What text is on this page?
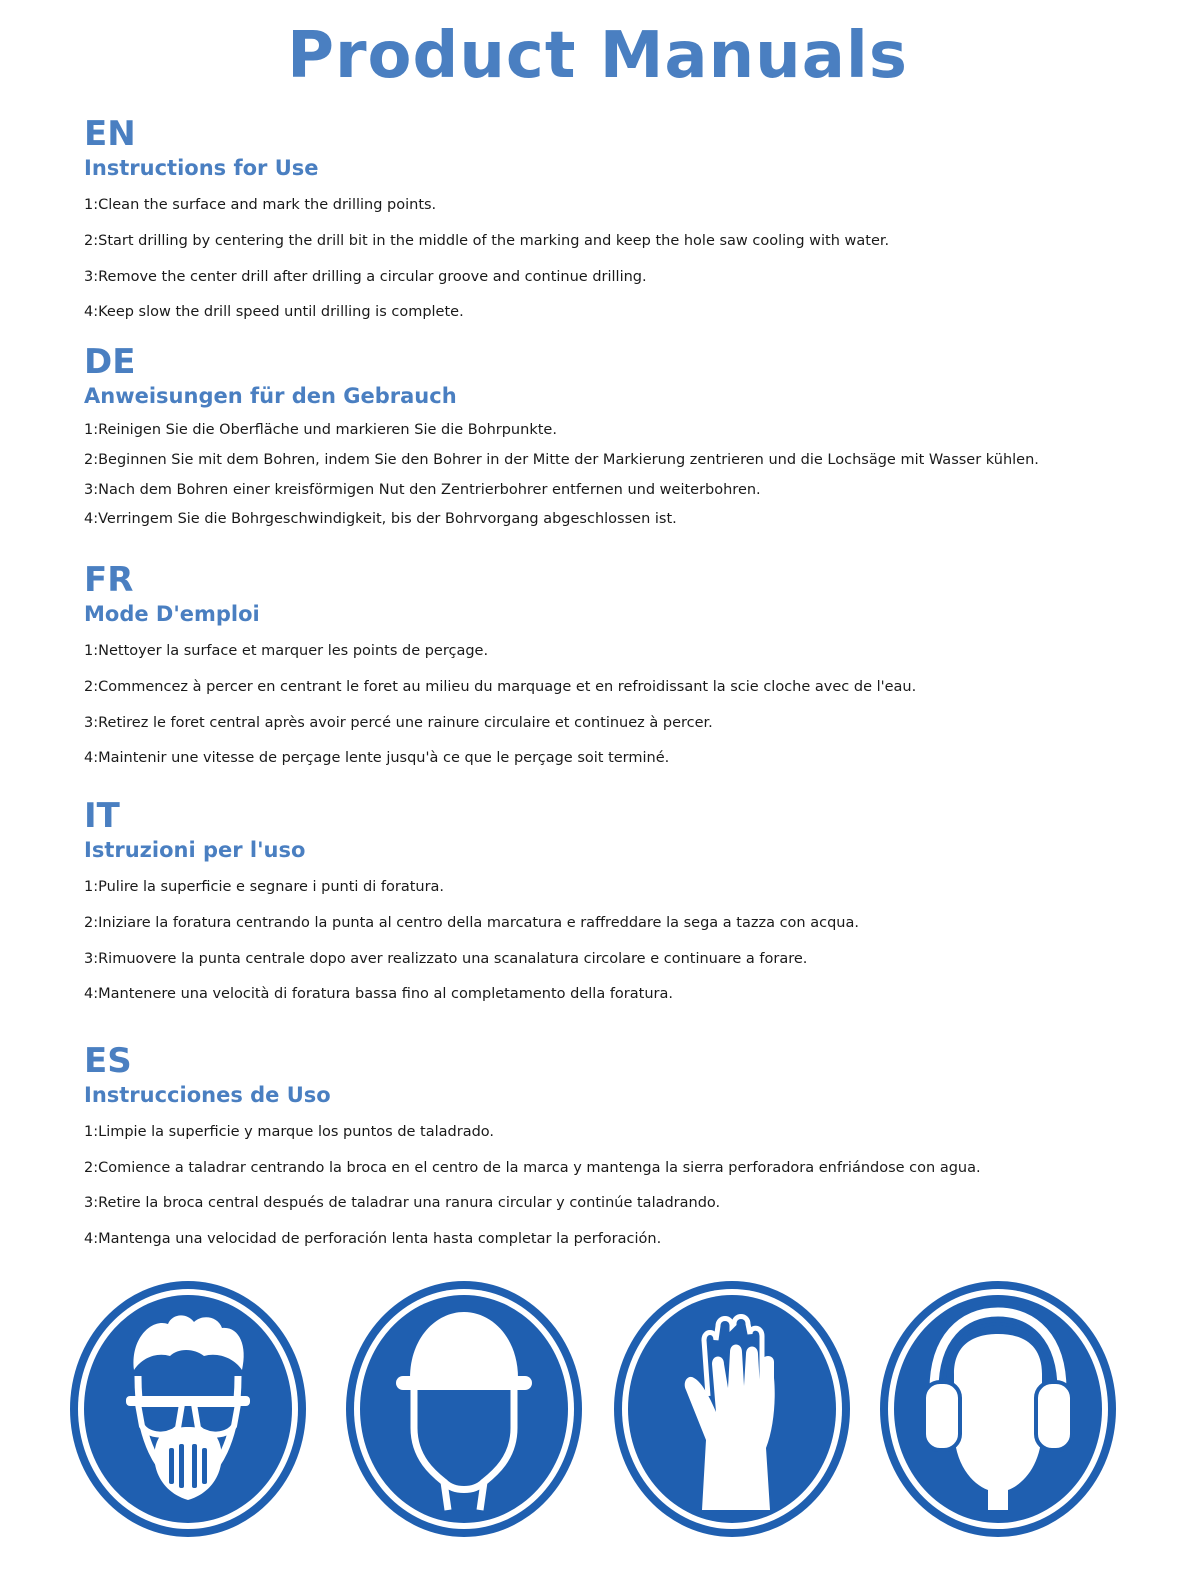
Product Manuals
EN
Instructions for Use
1:Clean the surface and mark the drilling points.
2:Start drilling by centering the drill bit in the middle of the marking and keep the hole saw cooling with water.
3:Remove the center drill after drilling a circular groove and continue drilling.
4:Keep slow the drill speed until drilling is complete.
DE
Anweisungen für den Gebrauch
1:Reinigen Sie die Oberfläche und markieren Sie die Bohrpunkte.
2:Beginnen Sie mit dem Bohren, indem Sie den Bohrer in der Mitte der Markierung zentrieren und die Lochsäge mit Wasser kühlen.
3:Nach dem Bohren einer kreisförmigen Nut den Zentrierbohrer entfernen und weiterbohren.
4:Verringem Sie die Bohrgeschwindigkeit, bis der Bohrvorgang abgeschlossen ist.
FR
Mode D'emploi
1:Nettoyer la surface et marquer les points de perçage.
2:Commencez à percer en centrant le foret au milieu du marquage et en refroidissant la scie cloche avec de l'eau.
3:Retirez le foret central après avoir percé une rainure circulaire et continuez à percer.
4:Maintenir une vitesse de perçage lente jusqu'à ce que le perçage soit terminé.
IT
Istruzioni per l'uso
1:Pulire la superficie e segnare i punti di foratura.
2:Iniziare la foratura centrando la punta al centro della marcatura e raffreddare la sega a tazza con acqua.
3:Rimuovere la punta centrale dopo aver realizzato una scanalatura circolare e continuare a forare.
4:Mantenere una velocità di foratura bassa fino al completamento della foratura.
ES
Instrucciones de Uso
1:Limpie la superficie y marque los puntos de taladrado.
2:Comience a taladrar centrando la broca en el centro de la marca y mantenga la sierra perforadora enfriándose con agua.
3:Retire la broca central después de taladrar una ranura circular y continúe taladrando.
4:Mantenga una velocidad de perforación lenta hasta completar la perforación.
